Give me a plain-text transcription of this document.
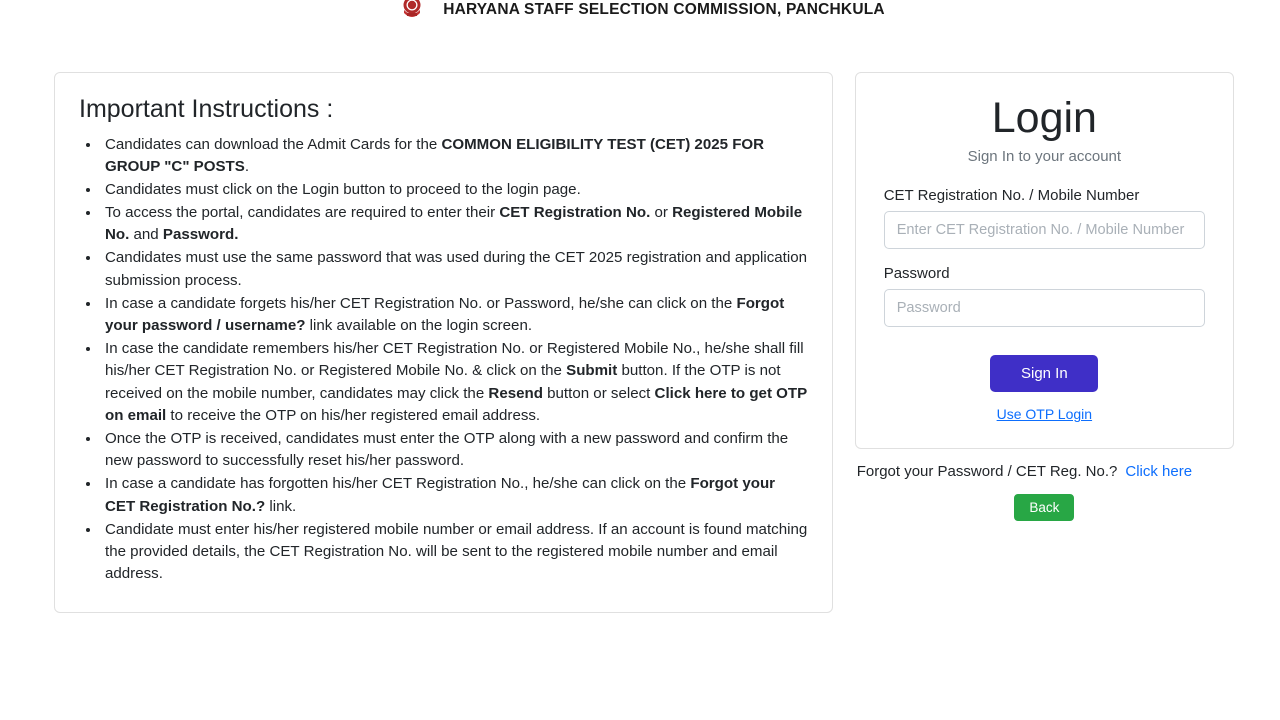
HARYANA STAFF SELECTION COMMISSION, PANCHKULA
Important Instructions :
• Candidates can download the Admit Cards for the COMMON ELIGIBILITY TEST (CET) 2025 FOR GROUP "C" POSTS.
• Candidates must click on the Login button to proceed to the login page.
• To access the portal, candidates are required to enter their CET Registration No. or Registered Mobile No. and Password.
• Candidates must use the same password that was used during the CET 2025 registration and application submission process.
• In case a candidate forgets his/her CET Registration No. or Password, he/she can click on the Forgot your password / username? link available on the login screen.
• In case the candidate remembers his/her CET Registration No. or Registered Mobile No., he/she shall fill his/her CET Registration No. or Registered Mobile No. & click on the Submit button. If the OTP is not received on the mobile number, candidates may click the Resend button or select Click here to get OTP on email to receive the OTP on his/her registered email address.
• Once the OTP is received, candidates must enter the OTP along with a new password and confirm the new password to successfully reset his/her password.
• In case a candidate has forgotten his/her CET Registration No., he/she can click on the Forgot your CET Registration No.? link.
• Candidate must enter his/her registered mobile number or email address. If an account is found matching the provided details, the CET Registration No. will be sent to the registered mobile number and email address.
Login
Sign In to your account
CET Registration No. / Mobile Number
Enter CET Registration No. / Mobile Number
Password
Sign In
Use OTP Login
Forgot your Password / CET Reg. No.? Click here
Back
